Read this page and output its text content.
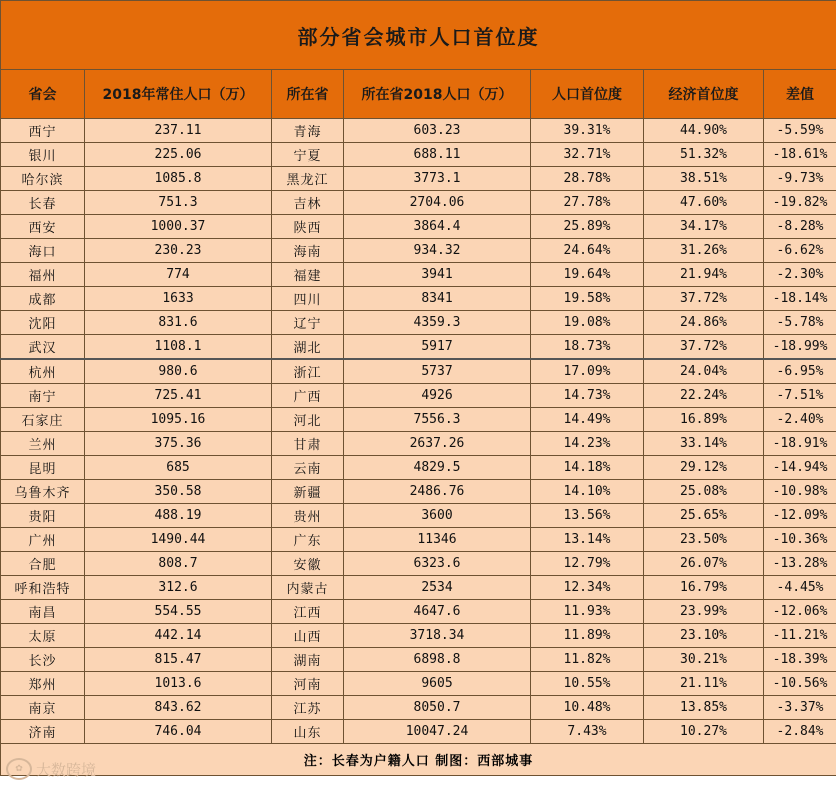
部分省会城市人口首位度						
省会	2018年常住人口（万）	所在省	所在省2018人口（万）	人口首位度	经济首位度	差值
西宁	237.11	青海	603.23	39.31%	44.90%	-5.59%
银川	225.06	宁夏	688.11	32.71%	51.32%	-18.61%
哈尔滨	1085.8	黑龙江	3773.1	28.78%	38.51%	-9.73%
长春	751.3	吉林	2704.06	27.78%	47.60%	-19.82%
西安	1000.37	陕西	3864.4	25.89%	34.17%	-8.28%
海口	230.23	海南	934.32	24.64%	31.26%	-6.62%
福州	774	福建	3941	19.64%	21.94%	-2.30%
成都	1633	四川	8341	19.58%	37.72%	-18.14%
沈阳	831.6	辽宁	4359.3	19.08%	24.86%	-5.78%
武汉	1108.1	湖北	5917	18.73%	37.72%	-18.99%
杭州	980.6	浙江	5737	17.09%	24.04%	-6.95%
南宁	725.41	广西	4926	14.73%	22.24%	-7.51%
石家庄	1095.16	河北	7556.3	14.49%	16.89%	-2.40%
兰州	375.36	甘肃	2637.26	14.23%	33.14%	-18.91%
昆明	685	云南	4829.5	14.18%	29.12%	-14.94%
乌鲁木齐	350.58	新疆	2486.76	14.10%	25.08%	-10.98%
贵阳	488.19	贵州	3600	13.56%	25.65%	-12.09%
广州	1490.44	广东	11346	13.14%	23.50%	-10.36%
合肥	808.7	安徽	6323.6	12.79%	26.07%	-13.28%
呼和浩特	312.6	内蒙古	2534	12.34%	16.79%	-4.45%
南昌	554.55	江西	4647.6	11.93%	23.99%	-12.06%
太原	442.14	山西	3718.34	11.89%	23.10%	-11.21%
长沙	815.47	湖南	6898.8	11.82%	30.21%	-18.39%
郑州	1013.6	河南	9605	10.55%	21.11%	-10.56%
南京	843.62	江苏	8050.7	10.48%	13.85%	-3.37%
济南	746.04	山东	10047.24	7.43%	10.27%	-2.84%
注：长春为户籍人口 制图：西部城事						
✿ 大数跨境
